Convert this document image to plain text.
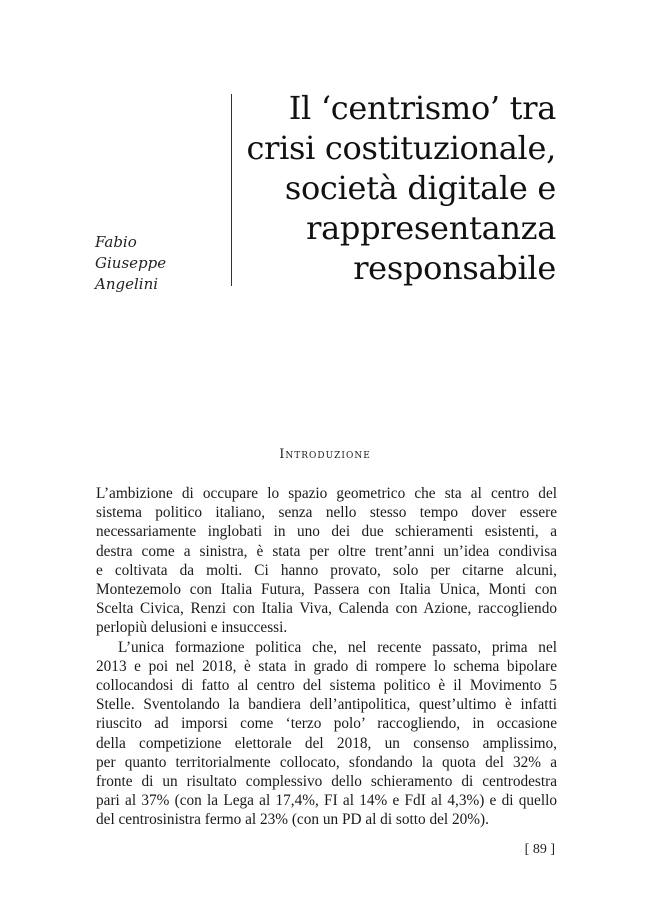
Fabio
Giuseppe
Angelini
Il ‘centrismo’ tra
crisi costituzionale,
società digitale e
rappresentanza
responsabile
Introduzione
L’ambizione di occupare lo spazio geometrico che sta al centro del
sistema politico italiano, senza nello stesso tempo dover essere
necessariamente inglobati in uno dei due schieramenti esistenti, a
destra come a sinistra, è stata per oltre trent’anni un’idea condivisa
e coltivata da molti. Ci hanno provato, solo per citarne alcuni,
Montezemolo con Italia Futura, Passera con Italia Unica, Monti con
Scelta Civica, Renzi con Italia Viva, Calenda con Azione, raccogliendo
perlopiù delusioni e insuccessi.
L’unica formazione politica che, nel recente passato, prima nel
2013 e poi nel 2018, è stata in grado di rompere lo schema bipolare
collocandosi di fatto al centro del sistema politico è il Movimento 5
Stelle. Sventolando la bandiera dell’antipolitica, quest’ultimo è infatti
riuscito ad imporsi come ‘terzo polo’ raccogliendo, in occasione
della competizione elettorale del 2018, un consenso amplissimo,
per quanto territorialmente collocato, sfondando la quota del 32% a
fronte di un risultato complessivo dello schieramento di centrodestra
pari al 37% (con la Lega al 17,4%, FI al 14% e FdI al 4,3%) e di quello
del centrosinistra fermo al 23% (con un PD al di sotto del 20%).
[ 89 ]
